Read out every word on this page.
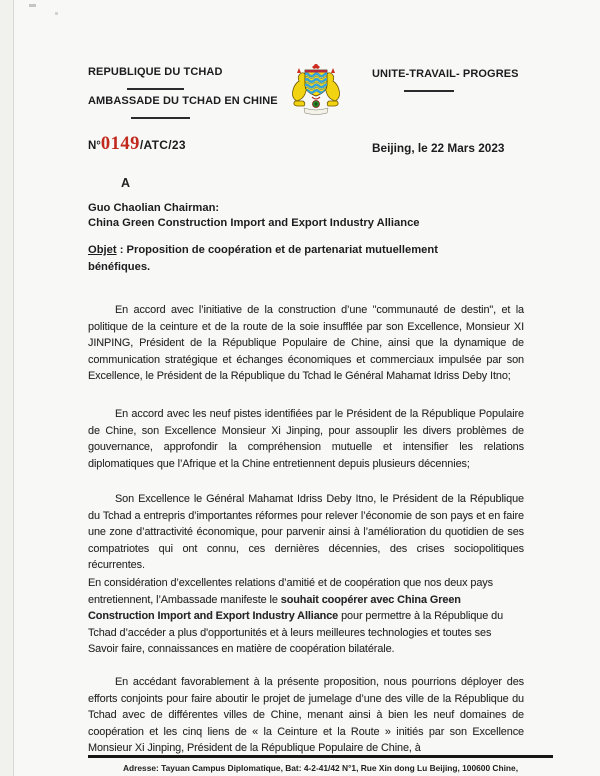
REPUBLIQUE DU TCHAD
AMBASSADE DU TCHAD EN CHINE
UNITE-TRAVAIL- PROGRES
N° 0149 /ATC/23	Beijing, le 22 Mars 2023
A
Guo Chaolian Chairman:
China Green Construction Import and Export Industry Alliance
Objet : Proposition de coopération et de partenariat mutuellement
bénéfiques.
En accord avec l’initiative de la construction d’une "communauté de destin", et la politique de la ceinture et de la route de la soie insufflée par son Excellence, Monsieur XI JINPING, Président de la République Populaire de Chine, ainsi que la dynamique de communication stratégique et échanges économiques et commerciaux impulsée par son Excellence, le Président de la République du Tchad le Général Mahamat Idriss Deby Itno;
En accord avec les neuf pistes identifiées par le Président de la République Populaire de Chine, son Excellence Monsieur Xi Jinping, pour assouplir les divers problèmes de gouvernance, approfondir la compréhension mutuelle et intensifier les relations diplomatiques que l’Afrique et la Chine entretiennent depuis plusieurs décennies;
Son Excellence le Général Mahamat Idriss Deby Itno, le Président de la République du Tchad a entrepris d’importantes réformes pour relever l’économie de son pays et en faire une zone d’attractivité économique, pour parvenir ainsi à l’amélioration du quotidien de ses compatriotes qui ont connu, ces dernières décennies, des crises sociopolitiques récurrentes.
En considération d’excellentes relations d’amitié et de coopération que nos deux pays entretiennent, l’Ambassade manifeste le souhait coopérer avec China Green Construction Import and Export Industry Alliance pour permettre à la République du Tchad d’accéder a plus d'opportunités et à leurs meilleures technologies et toutes ses Savoir faire, connaissances en matière de coopération bilatérale.
En accédant favorablement à la présente proposition, nous pourrions déployer des efforts conjoints pour faire aboutir le projet de jumelage d’une des ville de la République du Tchad avec de différentes villes de Chine, menant ainsi à bien les neuf domaines de coopération et les cinq liens de « la Ceinture et la Route » initiés par son Excellence Monsieur Xi Jinping, Président de la République Populaire de Chine, à
Adresse: Tayuan Campus Diplomatique, Bat: 4-2-41/42 N°1, Rue Xin dong Lu Beijing, 100600 Chine,
